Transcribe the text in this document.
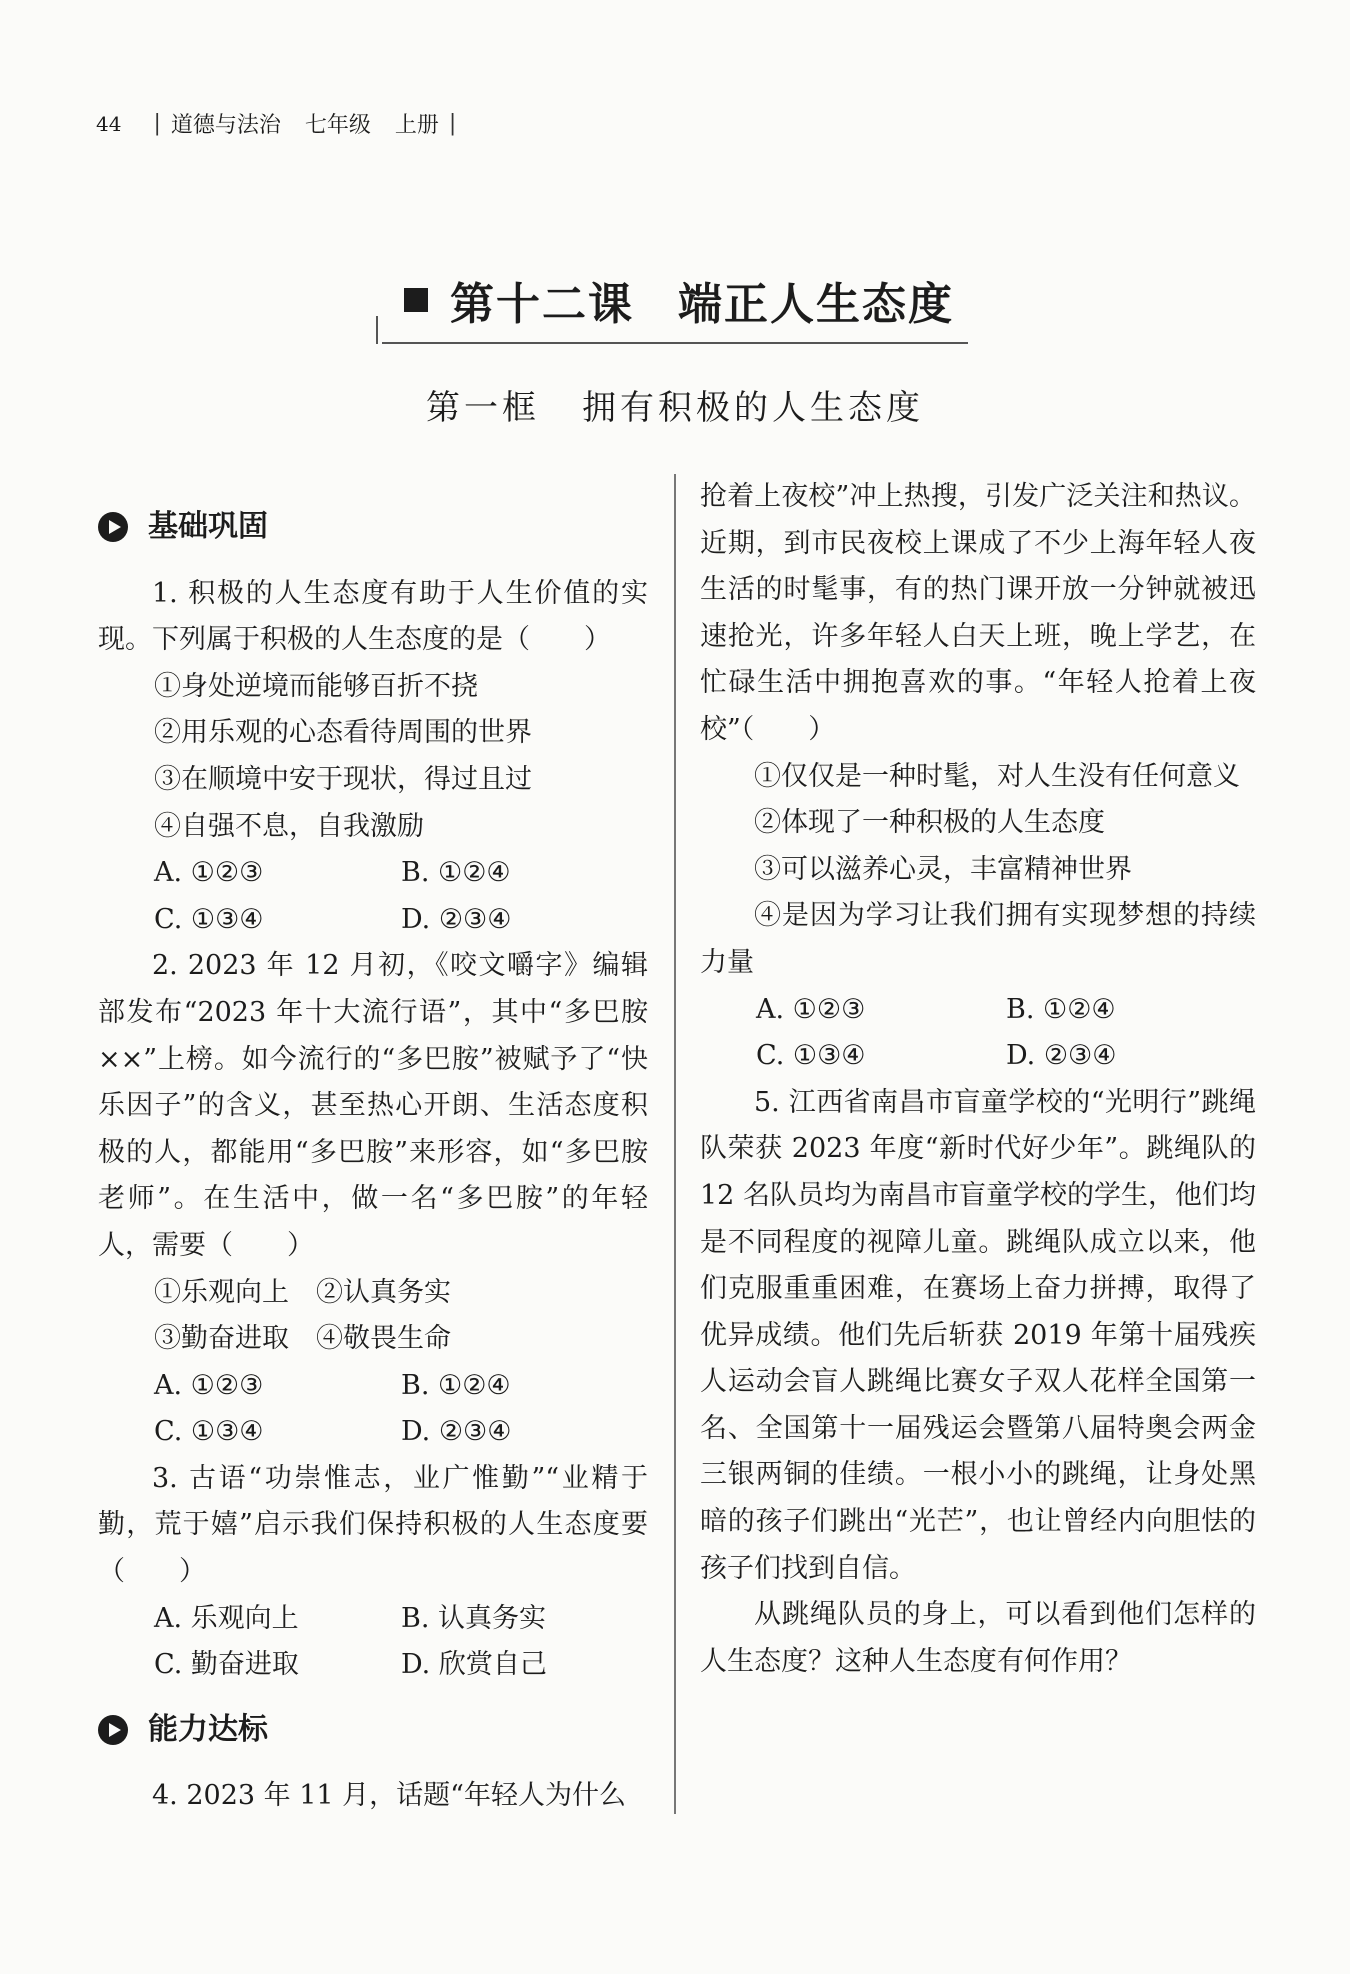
44 | 道德与法治 七年级 上册 |
第十二课 端正人生态度
第一框 拥有积极的人生态度
基础巩固
1. 积极的人生态度有助于人生价值的实现。下列属于积极的人生态度的是（　　）
①身处逆境而能够百折不挠
②用乐观的心态看待周围的世界
③在顺境中安于现状，得过且过
④自强不息，自我激励
A. ①②③	B. ①②④
C. ①③④	D. ②③④
2. 2023 年 12 月初，《咬文嚼字》编辑部发布“2023 年十大流行语”，其中“多巴胺××”上榜。如今流行的“多巴胺”被赋予了“快乐因子”的含义，甚至热心开朗、生活态度积极的人，都能用“多巴胺”来形容，如“多巴胺老师”。在生活中，做一名“多巴胺”的年轻人，需要（　　）
①乐观向上　②认真务实
③勤奋进取　④敬畏生命
A. ①②③	B. ①②④
C. ①③④	D. ②③④
3. 古语“功崇惟志，业广惟勤”“业精于勤，荒于嬉”启示我们保持积极的人生态度要（　　）
A. 乐观向上	B. 认真务实
C. 勤奋进取	D. 欣赏自己
能力达标
4. 2023 年 11 月，话题“年轻人为什么
抢着上夜校”冲上热搜，引发广泛关注和热议。近期，到市民夜校上课成了不少上海年轻人夜生活的时髦事，有的热门课开放一分钟就被迅速抢光，许多年轻人白天上班，晚上学艺，在忙碌生活中拥抱喜欢的事。“年轻人抢着上夜校”（　　）
①仅仅是一种时髦，对人生没有任何意义
②体现了一种积极的人生态度
③可以滋养心灵，丰富精神世界
④是因为学习让我们拥有实现梦想的持续力量
A. ①②③	B. ①②④
C. ①③④	D. ②③④
5. 江西省南昌市盲童学校的“光明行”跳绳队荣获 2023 年度“新时代好少年”。跳绳队的 12 名队员均为南昌市盲童学校的学生，他们均是不同程度的视障儿童。跳绳队成立以来，他们克服重重困难，在赛场上奋力拼搏，取得了优异成绩。他们先后斩获 2019 年第十届残疾人运动会盲人跳绳比赛女子双人花样全国第一名、全国第十一届残运会暨第八届特奥会两金三银两铜的佳绩。一根小小的跳绳，让身处黑暗的孩子们跳出“光芒”，也让曾经内向胆怯的孩子们找到自信。
从跳绳队员的身上，可以看到他们怎样的人生态度？这种人生态度有何作用？
